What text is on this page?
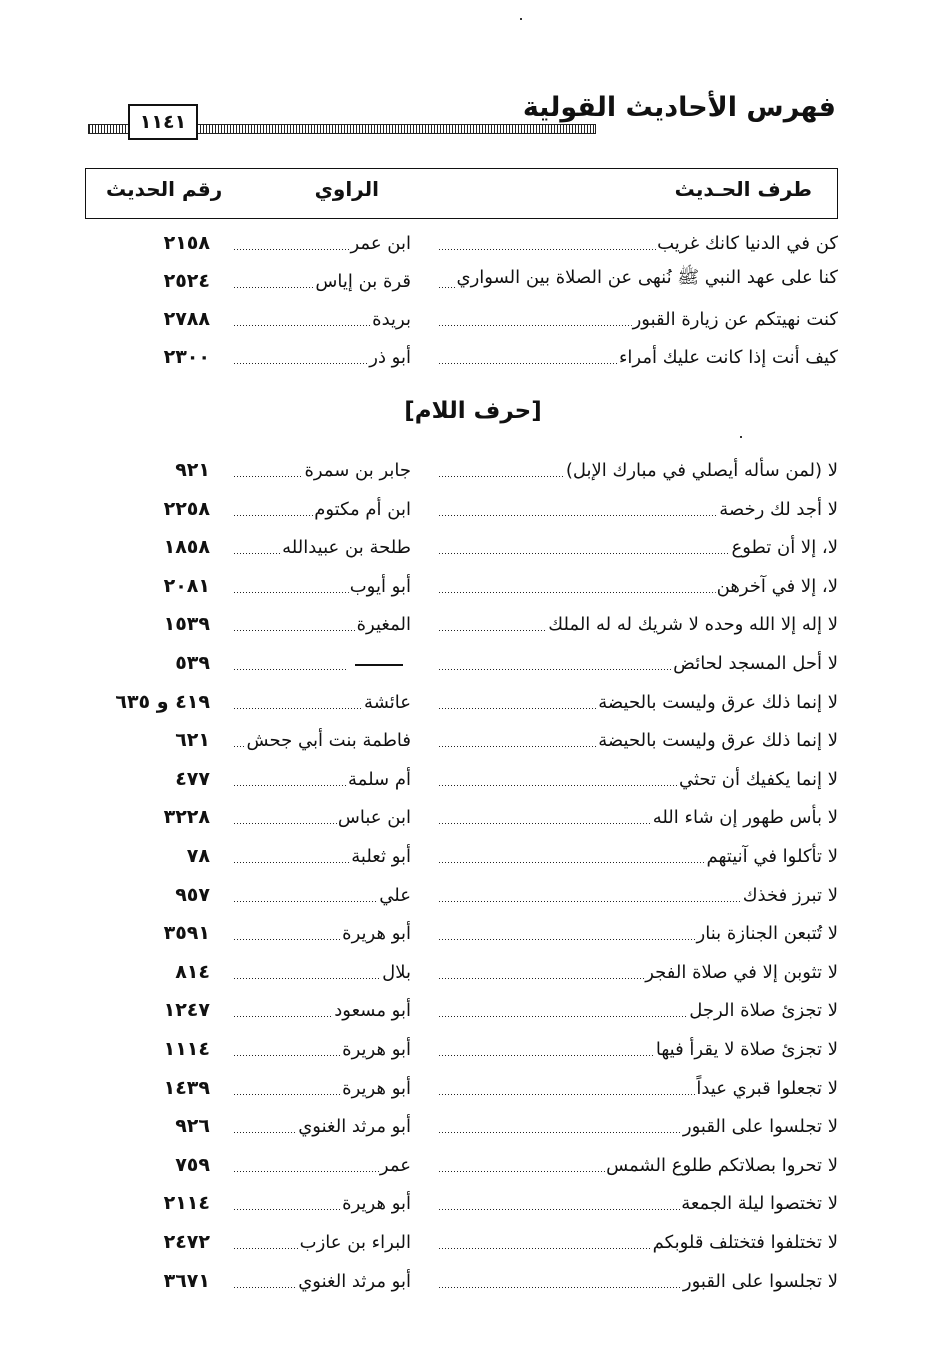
١١٤١	فهرس الأحاديث القولية
طرف الحـديث
الراوي
رقم الحديث
كن في الدنيا كانك غريب
ابن عمر
٢١٥٨
كنا على عهد النبي ﷺ نُنهى عن الصلاة بين السواري
قرة بن إياس
٢٥٢٤
كنت نهيتكم عن زيارة القبور
بريدة
٢٧٨٨
كيف أنت إذا كانت عليك أمراء
أبو ذر
٢٣٠٠
[حرف اللام]
لا (لمن سأله أيصلي في مبارك الإبل)
جابر بن سمرة
٩٢١
لا أجد لك رخصة
ابن أم مكتوم
٢٢٥٨
لا، إلا أن تطوع
طلحة بن عبيدالله
١٨٥٨
لا، إلا في آخرهن
أبو أيوب
٢٠٨١
لا إله إلا الله وحده لا شريك له له الملك
المغيرة
١٥٣٩
لا أحل المسجد لحائض
٥٣٩
لا إنما ذلك عرق وليست بالحيضة
عائشة
٤١٩ و ٦٣٥
لا إنما ذلك عرق وليست بالحيضة
فاطمة بنت أبي جحش
٦٢١
لا إنما يكفيك أن تحثي
أم سلمة
٤٧٧
لا بأس طهور إن شاء الله
ابن عباس
٣٢٢٨
لا تأكلوا في آنيتهم
أبو ثعلبة
٧٨
لا تبرز فخذك
علي
٩٥٧
لا تُتبعن الجنازة بنار
أبو هريرة
٣٥٩١
لا تثوبن إلا في صلاة الفجر
بلال
٨١٤
لا تجزئ صلاة الرجل
أبو مسعود
١٢٤٧
لا تجزئ صلاة لا يقرأ فيها
أبو هريرة
١١١٤
لا تجعلوا قبري عيداً
أبو هريرة
١٤٣٩
لا تجلسوا على القبور
أبو مرثد الغنوي
٩٢٦
لا تحروا بصلاتكم طلوع الشمس
عمر
٧٥٩
لا تختصوا ليلة الجمعة
أبو هريرة
٢١١٤
لا تختلفوا فتختلف قلوبكم
البراء بن عازب
٢٤٧٢
لا تجلسوا على القبور
أبو مرثد الغنوي
٣٦٧١
